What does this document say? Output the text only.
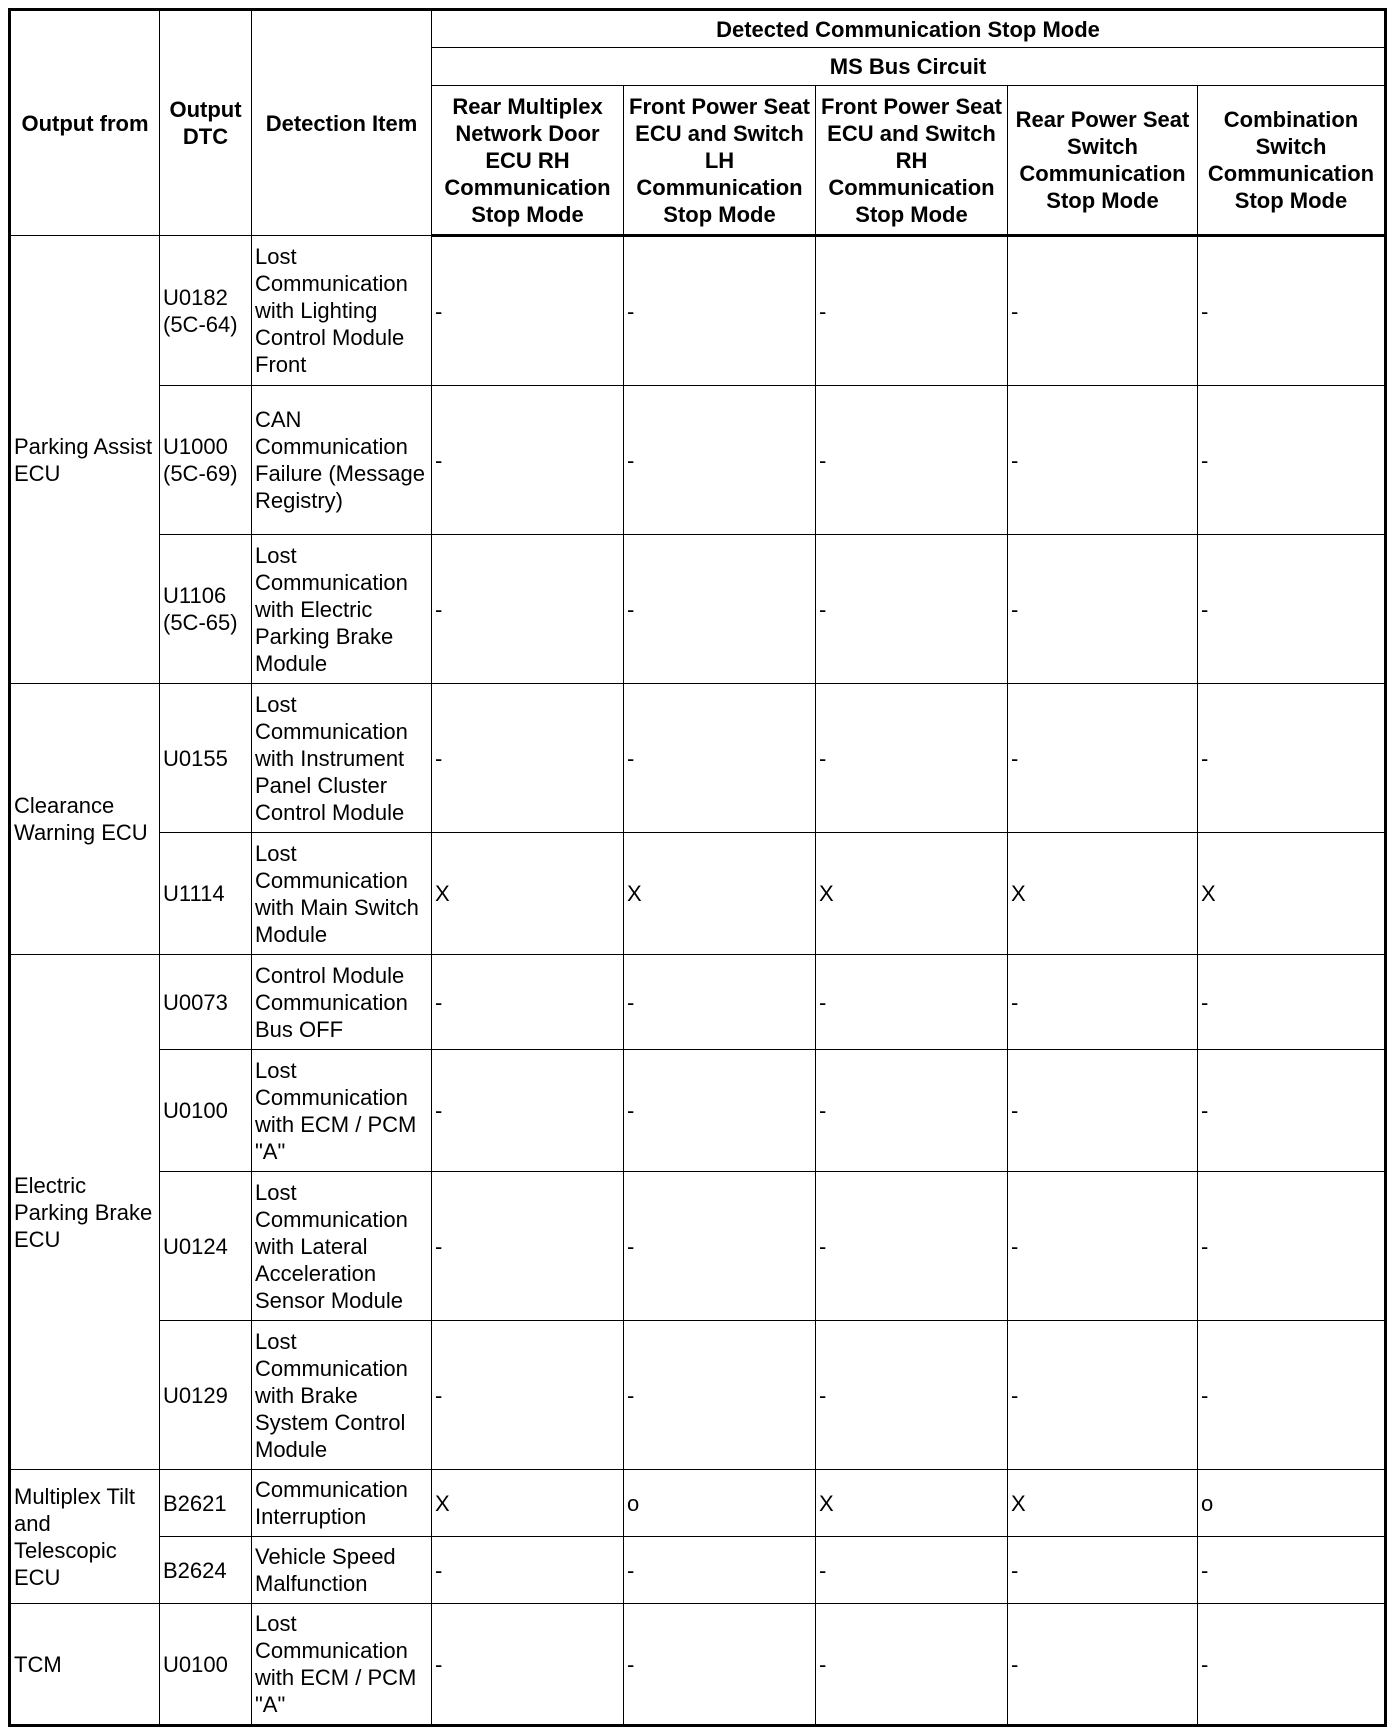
Output from	Output DTC	Detection Item	Detected Communication Stop Mode				
			MS Bus Circuit				
			Rear Multiplex Network Door ECU RH Communication Stop Mode	Front Power Seat ECU and Switch LH Communication Stop Mode	Front Power Seat ECU and Switch RH Communication Stop Mode	Rear Power Seat Switch Communication Stop Mode	Combination Switch Communication Stop Mode
Parking Assist ECU	U0182 (5C-64)	Lost Communication with Lighting Control Module Front	-	-	-	-	-
	U1000 (5C-69)	CAN Communication Failure (Message Registry)	-	-	-	-	-
	U1106 (5C-65)	Lost Communication with Electric Parking Brake Module	-	-	-	-	-
Clearance Warning ECU	U0155	Lost Communication with Instrument Panel Cluster Control Module	-	-	-	-	-
	U1114	Lost Communication with Main Switch Module	X	X	X	X	X
Electric Parking Brake ECU	U0073	Control Module Communication Bus OFF	-	-	-	-	-
	U0100	Lost Communication with ECM / PCM "A"	-	-	-	-	-
	U0124	Lost Communication with Lateral Acceleration Sensor Module	-	-	-	-	-
	U0129	Lost Communication with Brake System Control Module	-	-	-	-	-
Multiplex Tilt and Telescopic ECU	B2621	Communication Interruption	X	o	X	X	o
	B2624	Vehicle Speed Malfunction	-	-	-	-	-
TCM	U0100	Lost Communication with ECM / PCM "A"	-	-	-	-	-
